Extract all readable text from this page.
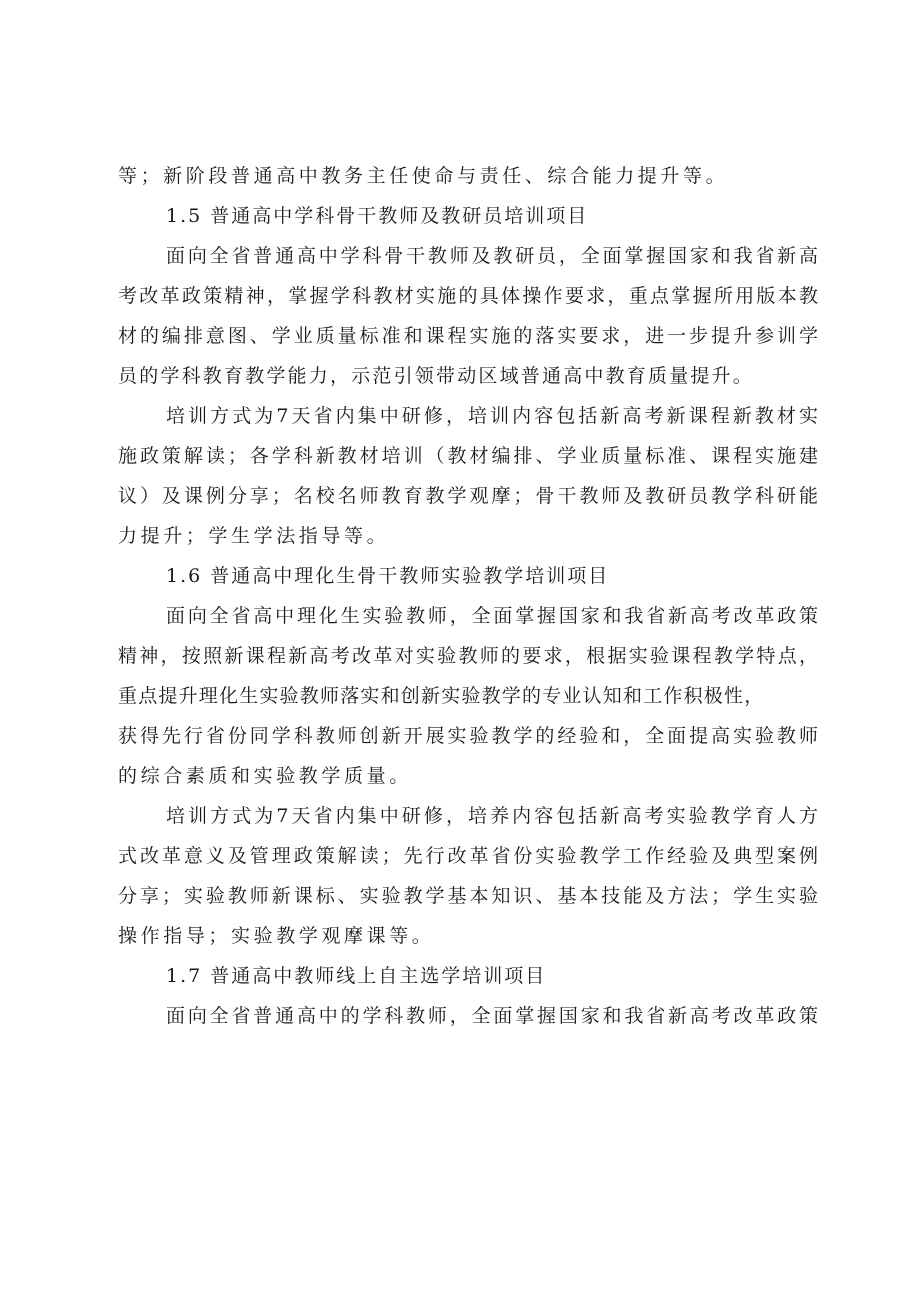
等；新阶段普通高中教务主任使命与责任、综合能力提升等。
1.5 普通高中学科骨干教师及教研员培训项目
面向全省普通高中学科骨干教师及教研员，全面掌握国家和我省新高
考改革政策精神，掌握学科教材实施的具体操作要求，重点掌握所用版本教
材的编排意图、学业质量标准和课程实施的落实要求，进一步提升参训学
员的学科教育教学能力，示范引领带动区域普通高中教育质量提升。
培训方式为7天省内集中研修，培训内容包括新高考新课程新教材实
施政策解读；各学科新教材培训（教材编排、学业质量标准、课程实施建
议）及课例分享；名校名师教育教学观摩；骨干教师及教研员教学科研能
力提升；学生学法指导等。
1.6 普通高中理化生骨干教师实验教学培训项目
面向全省高中理化生实验教师，全面掌握国家和我省新高考改革政策
精神，按照新课程新高考改革对实验教师的要求，根据实验课程教学特点，
重点提升理化生实验教师落实和创新实验教学的专业认知和工作积极性，
获得先行省份同学科教师创新开展实验教学的经验和，全面提高实验教师
的综合素质和实验教学质量。
培训方式为7天省内集中研修，培养内容包括新高考实验教学育人方
式改革意义及管理政策解读；先行改革省份实验教学工作经验及典型案例
分享；实验教师新课标、实验教学基本知识、基本技能及方法；学生实验
操作指导；实验教学观摩课等。
1.7 普通高中教师线上自主选学培训项目
面向全省普通高中的学科教师，全面掌握国家和我省新高考改革政策
